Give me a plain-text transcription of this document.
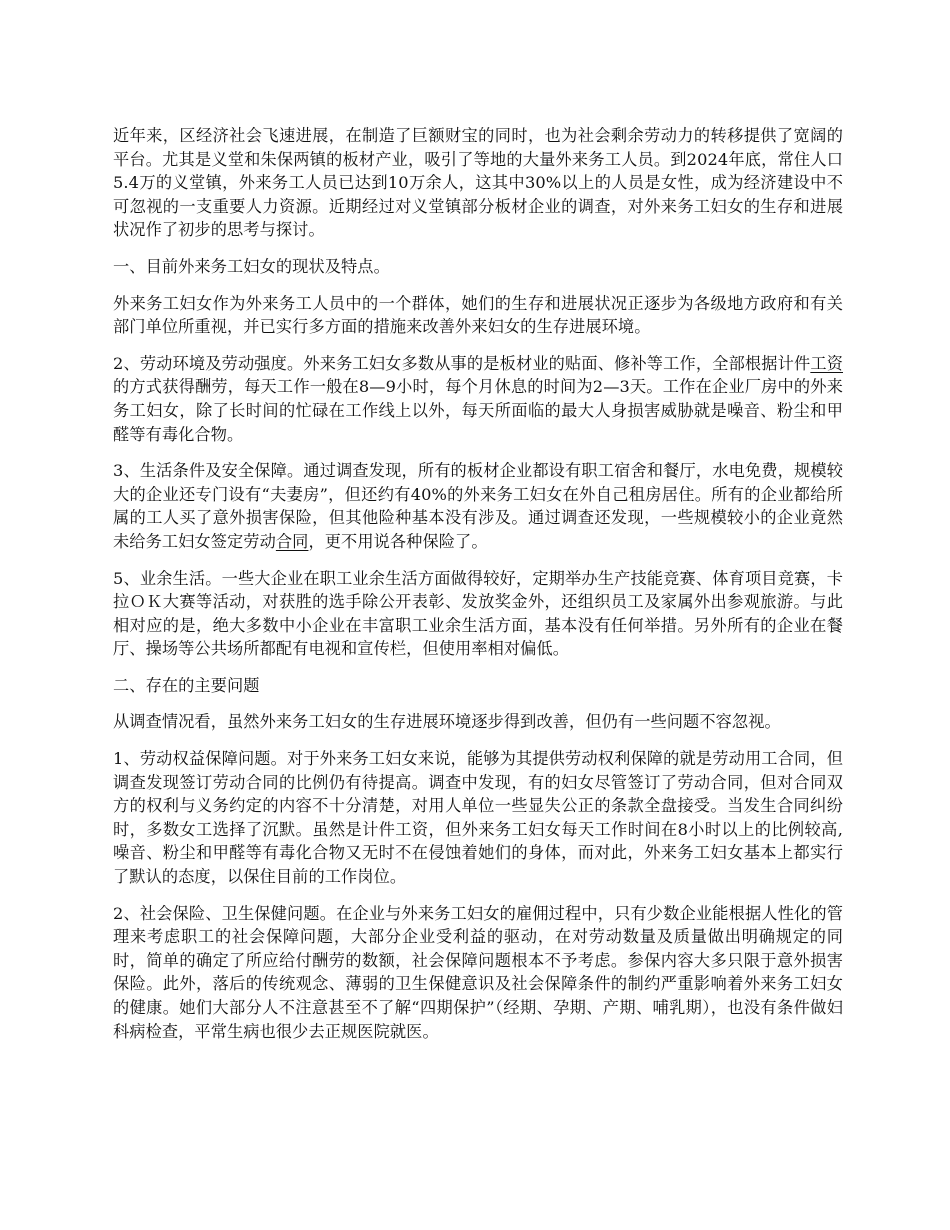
近年来，区经济社会飞速进展，在制造了巨额财宝的同时，也为社会剩余劳动力的转移提供了宽阔的平台。尤其是义堂和朱保两镇的板材产业，吸引了等地的大量外来务工人员。到2024年底，常住人口5.4万的义堂镇，外来务工人员已达到10万余人，这其中30%以上的人员是女性，成为经济建设中不可忽视的一支重要人力资源。近期经过对义堂镇部分板材企业的调查，对外来务工妇女的生存和进展状况作了初步的思考与探讨。

一、目前外来务工妇女的现状及特点。

外来务工妇女作为外来务工人员中的一个群体，她们的生存和进展状况正逐步为各级地方政府和有关部门单位所重视，并已实行多方面的措施来改善外来妇女的生存进展环境。

2、劳动环境及劳动强度。外来务工妇女多数从事的是板材业的贴面、修补等工作，全部根据计件工资的方式获得酬劳，每天工作一般在8—9小时，每个月休息的时间为2—3天。工作在企业厂房中的外来务工妇女，除了长时间的忙碌在工作线上以外，每天所面临的最大人身损害威胁就是噪音、粉尘和甲醛等有毒化合物。

3、生活条件及安全保障。通过调查发现，所有的板材企业都设有职工宿舍和餐厅，水电免费，规模较大的企业还专门设有“夫妻房”，但还约有40%的外来务工妇女在外自己租房居住。所有的企业都给所属的工人买了意外损害保险，但其他险种基本没有涉及。通过调查还发现，一些规模较小的企业竟然未给务工妇女签定劳动合同，更不用说各种保险了。

5、业余生活。一些大企业在职工业余生活方面做得较好，定期举办生产技能竞赛、体育项目竞赛，卡拉ＯＫ大赛等活动，对获胜的选手除公开表彰、发放奖金外，还组织员工及家属外出参观旅游。与此相对应的是，绝大多数中小企业在丰富职工业余生活方面，基本没有任何举措。另外所有的企业在餐厅、操场等公共场所都配有电视和宣传栏，但使用率相对偏低。

二、存在的主要问题

从调查情况看，虽然外来务工妇女的生存进展环境逐步得到改善，但仍有一些问题不容忽视。

1、劳动权益保障问题。对于外来务工妇女来说，能够为其提供劳动权利保障的就是劳动用工合同，但调查发现签订劳动合同的比例仍有待提高。调查中发现，有的妇女尽管签订了劳动合同，但对合同双方的权利与义务约定的内容不十分清楚，对用人单位一些显失公正的条款全盘接受。当发生合同纠纷时，多数女工选择了沉默。虽然是计件工资，但外来务工妇女每天工作时间在8小时以上的比例较高,噪音、粉尘和甲醛等有毒化合物又无时不在侵蚀着她们的身体，而对此，外来务工妇女基本上都实行了默认的态度，以保住目前的工作岗位。

2、社会保险、卫生保健问题。在企业与外来务工妇女的雇佣过程中，只有少数企业能根据人性化的管理来考虑职工的社会保障问题，大部分企业受利益的驱动，在对劳动数量及质量做出明确规定的同时，简单的确定了所应给付酬劳的数额，社会保障问题根本不予考虑。参保内容大多只限于意外损害保险。此外，落后的传统观念、薄弱的卫生保健意识及社会保障条件的制约严重影响着外来务工妇女的健康。她们大部分人不注意甚至不了解“四期保护”（经期、孕期、产期、哺乳期），也没有条件做妇科病检查，平常生病也很少去正规医院就医。
